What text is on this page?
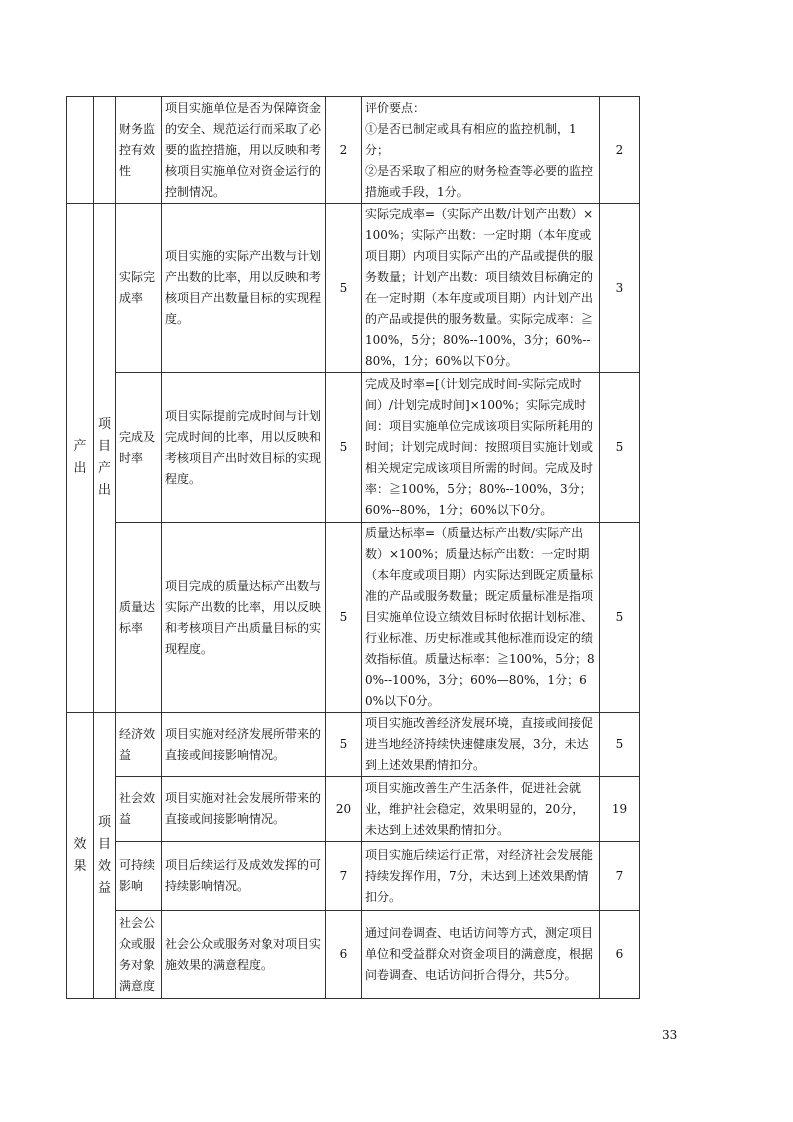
		财务监控有效性	项目实施单位是否为保障资金的安全、规范运行而采取了必要的监控措施，用以反映和考核项目实施单位对资金运行的控制情况。	2	评价要点：
①是否已制定或具有相应的监控机制，1分；
②是否采取了相应的财务检查等必要的监控措施或手段，1分。	2
产出	项目产出	实际完成率	项目实施的实际产出数与计划产出数的比率，用以反映和考核项目产出数量目标的实现程度。	5	实际完成率=（实际产出数/计划产出数）×100%；实际产出数：一定时期（本年度或项目期）内项目实际产出的产品或提供的服务数量；计划产出数：项目绩效目标确定的在一定时期（本年度或项目期）内计划产出的产品或提供的服务数量。实际完成率：≧100%，5分；80%--100%，3分；60%--80%，1分；60%以下0分。	3
		完成及时率	项目实际提前完成时间与计划完成时间的比率，用以反映和考核项目产出时效目标的实现程度。	5	完成及时率=[（计划完成时间-实际完成时间）/计划完成时间]×100%；实际完成时间：项目实施单位完成该项目实际所耗用的时间；计划完成时间：按照项目实施计划或相关规定完成该项目所需的时间。完成及时率：≧100%，5分；80%--100%，3分；60%--80%，1分；60%以下0分。	5
		质量达标率	项目完成的质量达标产出数与实际产出数的比率，用以反映和考核项目产出质量目标的实现程度。	5	质量达标率=（质量达标产出数/实际产出数）×100%；质量达标产出数：一定时期（本年度或项目期）内实际达到既定质量标准的产品或服务数量；既定质量标准是指项目实施单位设立绩效目标时依据计划标准、行业标准、历史标准或其他标准而设定的绩效指标值。质量达标率：≧100%，5分；80%--100%，3分；60%—80%，1分；60%以下0分。	5
效果	项目效益	经济效益	项目实施对经济发展所带来的直接或间接影响情况。	5	项目实施改善经济发展环境，直接或间接促进当地经济持续快速健康发展，3分，未达到上述效果酌情扣分。	5
		社会效益	项目实施对社会发展所带来的直接或间接影响情况。	20	项目实施改善生产生活条件，促进社会就业，维护社会稳定，效果明显的，20分，未达到上述效果酌情扣分。	19
		可持续影响	项目后续运行及成效发挥的可持续影响情况。	7	项目实施后续运行正常，对经济社会发展能持续发挥作用，7分，未达到上述效果酌情扣分。	7
		社会公众或服务对象满意度	社会公众或服务对象对项目实施效果的满意程度。	6	通过问卷调查、电话访问等方式，测定项目单位和受益群众对资金项目的满意度，根据问卷调查、电话访问折合得分，共5分。	6
33
